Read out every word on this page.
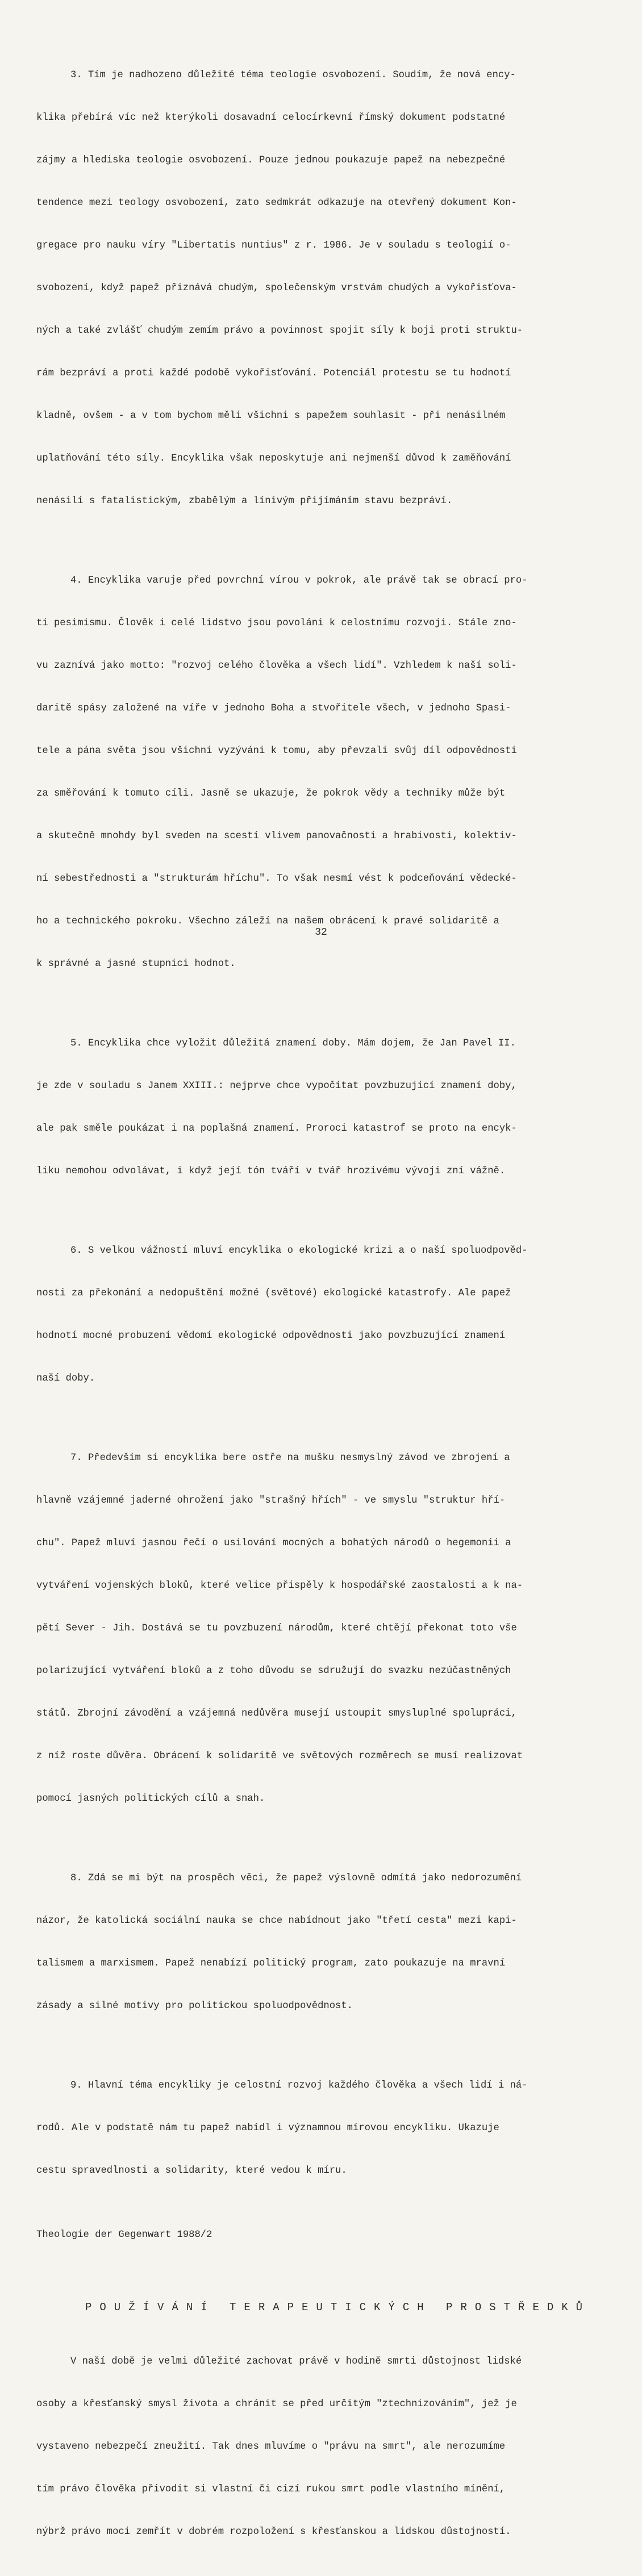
3. Tím je nadhozeno důležité téma teologie osvobození. Soudím, že nová ency-

klika přebírá víc než kterýkoli dosavadní celocírkevní římský dokument podstatné

zájmy a hlediska teologie osvobození. Pouze jednou poukazuje papež na nebezpečné

tendence mezi teology osvobození, zato sedmkrát odkazuje na otevřený dokument Kon-

gregace pro nauku víry "Libertatis nuntius" z r. 1986. Je v souladu s teologií o-

svobození, když papež přiznává chudým, společenským vrstvám chudých a vykořisťova-

ných a také zvlášť chudým zemím právo a povinnost spojit síly k boji proti struktu-

rám bezpráví a proti každé podobě vykořisťování. Potenciál protestu se tu hodnotí

kladně, ovšem - a v tom bychom měli všichni s papežem souhlasit - při nenásilném

uplatňování této síly. Encyklika však neposkytuje ani nejmenší důvod k zaměňování

nenásilí s fatalistickým, zbabělým a línivým přijímáním stavu bezpráví.

4. Encyklika varuje před povrchní vírou v pokrok, ale právě tak se obrací pro-

ti pesimismu. Člověk i celé lidstvo jsou povoláni k celostnímu rozvoji. Stále zno-

vu zaznívá jako motto: "rozvoj celého člověka a všech lidí". Vzhledem k naší soli-

daritě spásy založené na víře v jednoho Boha a stvořitele všech, v jednoho Spasi-

tele a pána světa jsou všichni vyzýváni k tomu, aby převzali svůj díl odpovědnosti

za směřování k tomuto cíli. Jasně se ukazuje, že pokrok vědy a techniky může být

a skutečně mnohdy byl sveden na scestí vlivem panovačnosti a hrabivosti, kolektiv-

ní sebestřednosti a "strukturám hříchu". To však nesmí vést k podceňování vědecké-

ho a technického pokroku. Všechno záleží na našem obrácení k pravé solidaritě a

k správné a jasné stupnici hodnot.

5. Encyklika chce vyložit důležitá znamení doby. Mám dojem, že Jan Pavel II.

je zde v souladu s Janem XXIII.: nejprve chce vypočítat povzbuzující znamení doby,

ale pak směle poukázat i na poplašná znamení. Proroci katastrof se proto na encyk-

liku nemohou odvolávat, i když její tón tváří v tvář hrozivému vývoji zní vážně.

6. S velkou vážností mluví encyklika o ekologické krizi a o naší spoluodpověd-

nosti za překonání a nedopuštění možné (světové) ekologické katastrofy. Ale papež

hodnotí mocné probuzení vědomí ekologické odpovědnosti jako povzbuzující znamení

naší doby.

7. Především si encyklika bere ostře na mušku nesmyslný závod ve zbrojení a

hlavně vzájemné jaderné ohrožení jako "strašný hřích" - ve smyslu "struktur hří-

chu". Papež mluví jasnou řečí o usilování mocných a bohatých národů o hegemonii a

vytváření vojenských bloků, které velice přispěly k hospodářské zaostalosti a k na-

pětí Sever - Jih. Dostává se tu povzbuzení národům, které chtějí překonat toto vše

polarizující vytváření bloků a z toho důvodu se sdružují do svazku nezúčastněných

států. Zbrojní závodění a vzájemná nedůvěra musejí ustoupit smysluplné spolupráci,

z níž roste důvěra. Obrácení k solidaritě ve světových rozměrech se musí realizovat

pomocí jasných politických cílů a snah.

8. Zdá se mi být na prospěch věci, že papež výslovně odmítá jako nedorozumění

názor, že katolická sociální nauka se chce nabídnout jako "třetí cesta" mezi kapi-

talismem a marxismem. Papež nenabízí politický program, zato poukazuje na mravní

zásady a silné motivy pro politickou spoluodpovědnost.

9. Hlavní téma encykliky je celostní rozvoj každého člověka a všech lidí i ná-

rodů. Ale v podstatě nám tu papež nabídl i významnou mírovou encykliku. Ukazuje

cestu spravedlnosti a solidarity, které vedou k míru.

Theologie der Gegenwart 1988/2
POUŽÍVÁNÍ TERAPEUTICKÝCH PROSTŘEDKŮ

V naší době je velmi důležité zachovat právě v hodině smrti důstojnost lidské

osoby a křesťanský smysl života a chránit se před určitým "ztechnizováním", jež je

vystaveno nebezpečí zneužití. Tak dnes mluvíme o "právu na smrt", ale nerozumíme

tím právo člověka přivodit si vlastní či cizí rukou smrt podle vlastního mínění,

nýbrž právo moci zemřít v dobrém rozpoložení s křesťanskou a lidskou důstojností.

32
